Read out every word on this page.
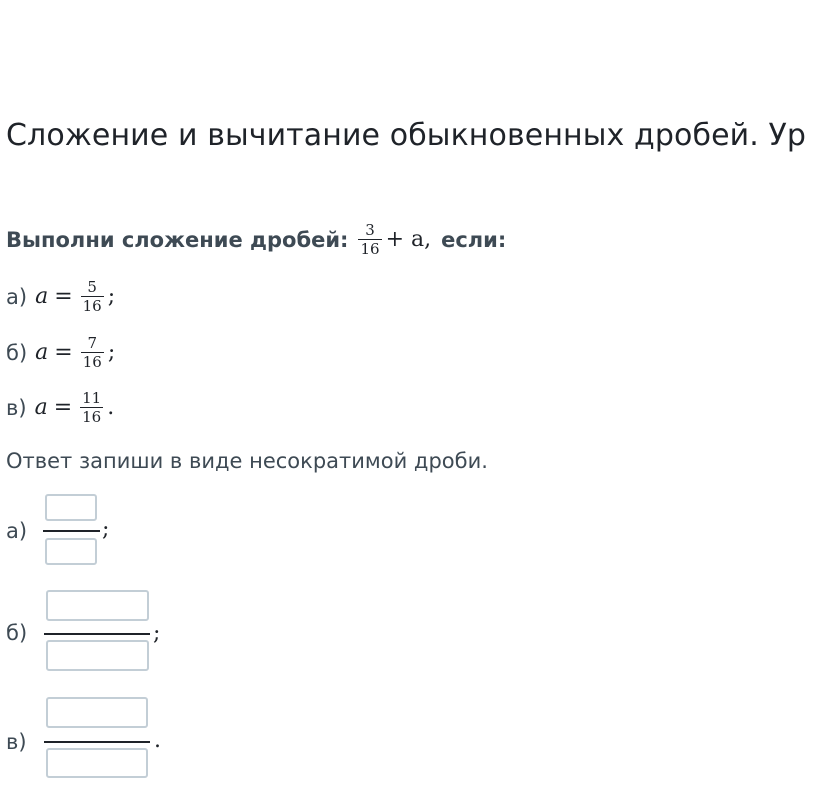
Сложение и вычитание обыкновенных дробей. Ур
Выполни сложение дробей: $\frac{3}{16} + a$, если:
а) $a = \frac{5}{16}$ ;
б) $a = \frac{7}{16}$ ;
в) $a = \frac{11}{16}$ .
Ответ запиши в виде несократимой дроби.
а)	;
б)	;
в)	.
